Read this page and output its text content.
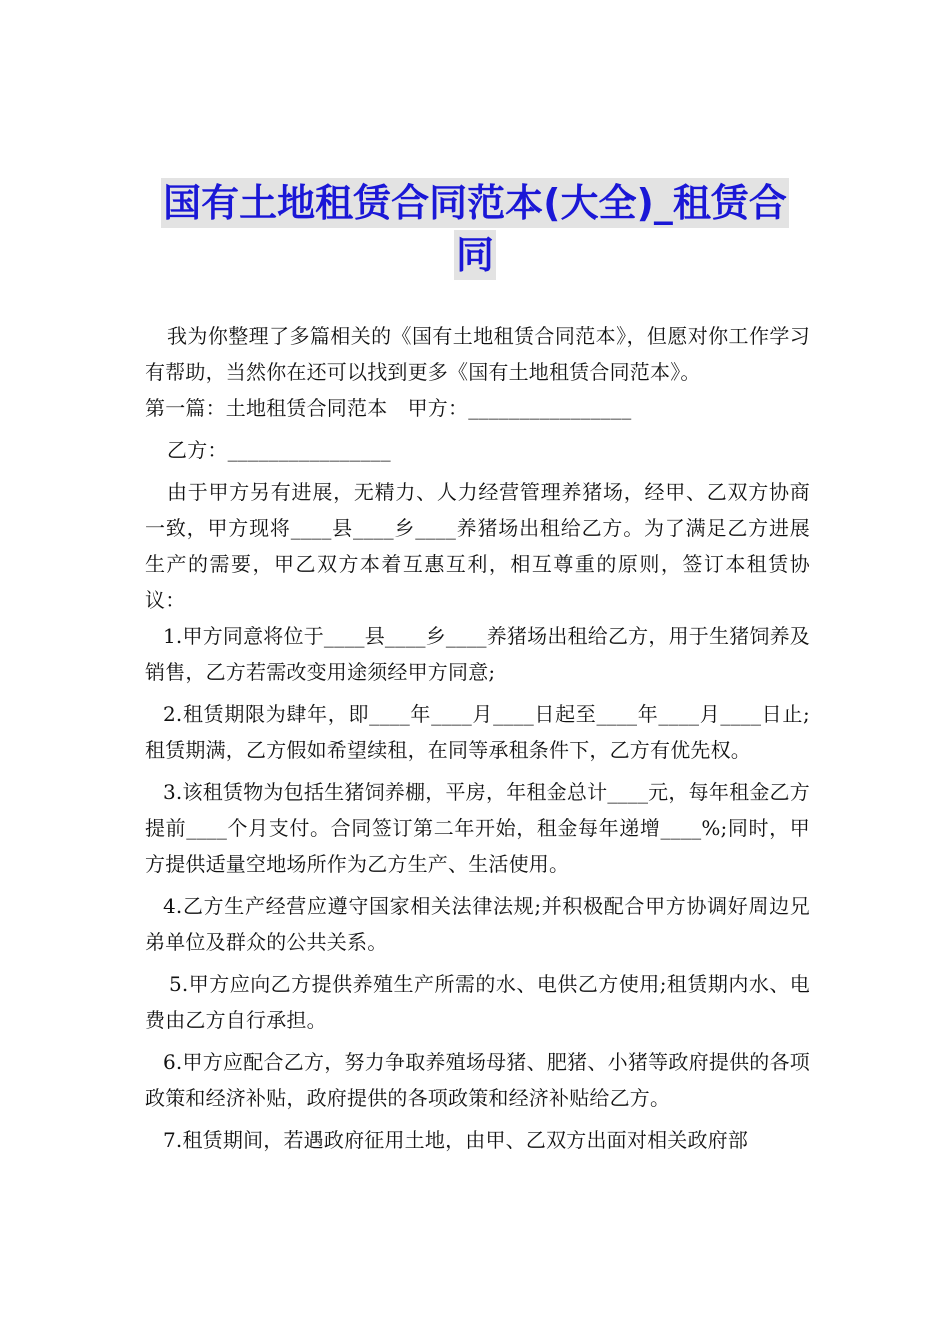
国有土地租赁合同范本(大全)_租赁合
同

我为你整理了多篇相关的《国有土地租赁合同范本》，但愿对你工作学习有帮助，当然你在还可以找到更多《国有土地租赁合同范本》。

第一篇：土地租赁合同范本　甲方：________________

乙方：________________

由于甲方另有进展，无精力、人力经营管理养猪场，经甲、乙双方协商一致，甲方现将____县____乡____养猪场出租给乙方。为了满足乙方进展生产的需要，甲乙双方本着互惠互利，相互尊重的原则，签订本租赁协议：

1.甲方同意将位于____县____乡____养猪场出租给乙方，用于生猪饲养及销售，乙方若需改变用途须经甲方同意;

2.租赁期限为肆年，即____年____月____日起至____年____月____日止;租赁期满，乙方假如希望续租，在同等承租条件下，乙方有优先权。

3.该租赁物为包括生猪饲养棚，平房，年租金总计____元，每年租金乙方提前____个月支付。合同签订第二年开始，租金每年递增____%;同时，甲方提供适量空地场所作为乙方生产、生活使用。

4.乙方生产经营应遵守国家相关法律法规;并积极配合甲方协调好周边兄弟单位及群众的公共关系。

5.甲方应向乙方提供养殖生产所需的水、电供乙方使用;租赁期内水、电费由乙方自行承担。

6.甲方应配合乙方，努力争取养殖场母猪、肥猪、小猪等政府提供的各项政策和经济补贴，政府提供的各项政策和经济补贴给乙方。

7.租赁期间，若遇政府征用土地，由甲、乙双方出面对相关政府部
